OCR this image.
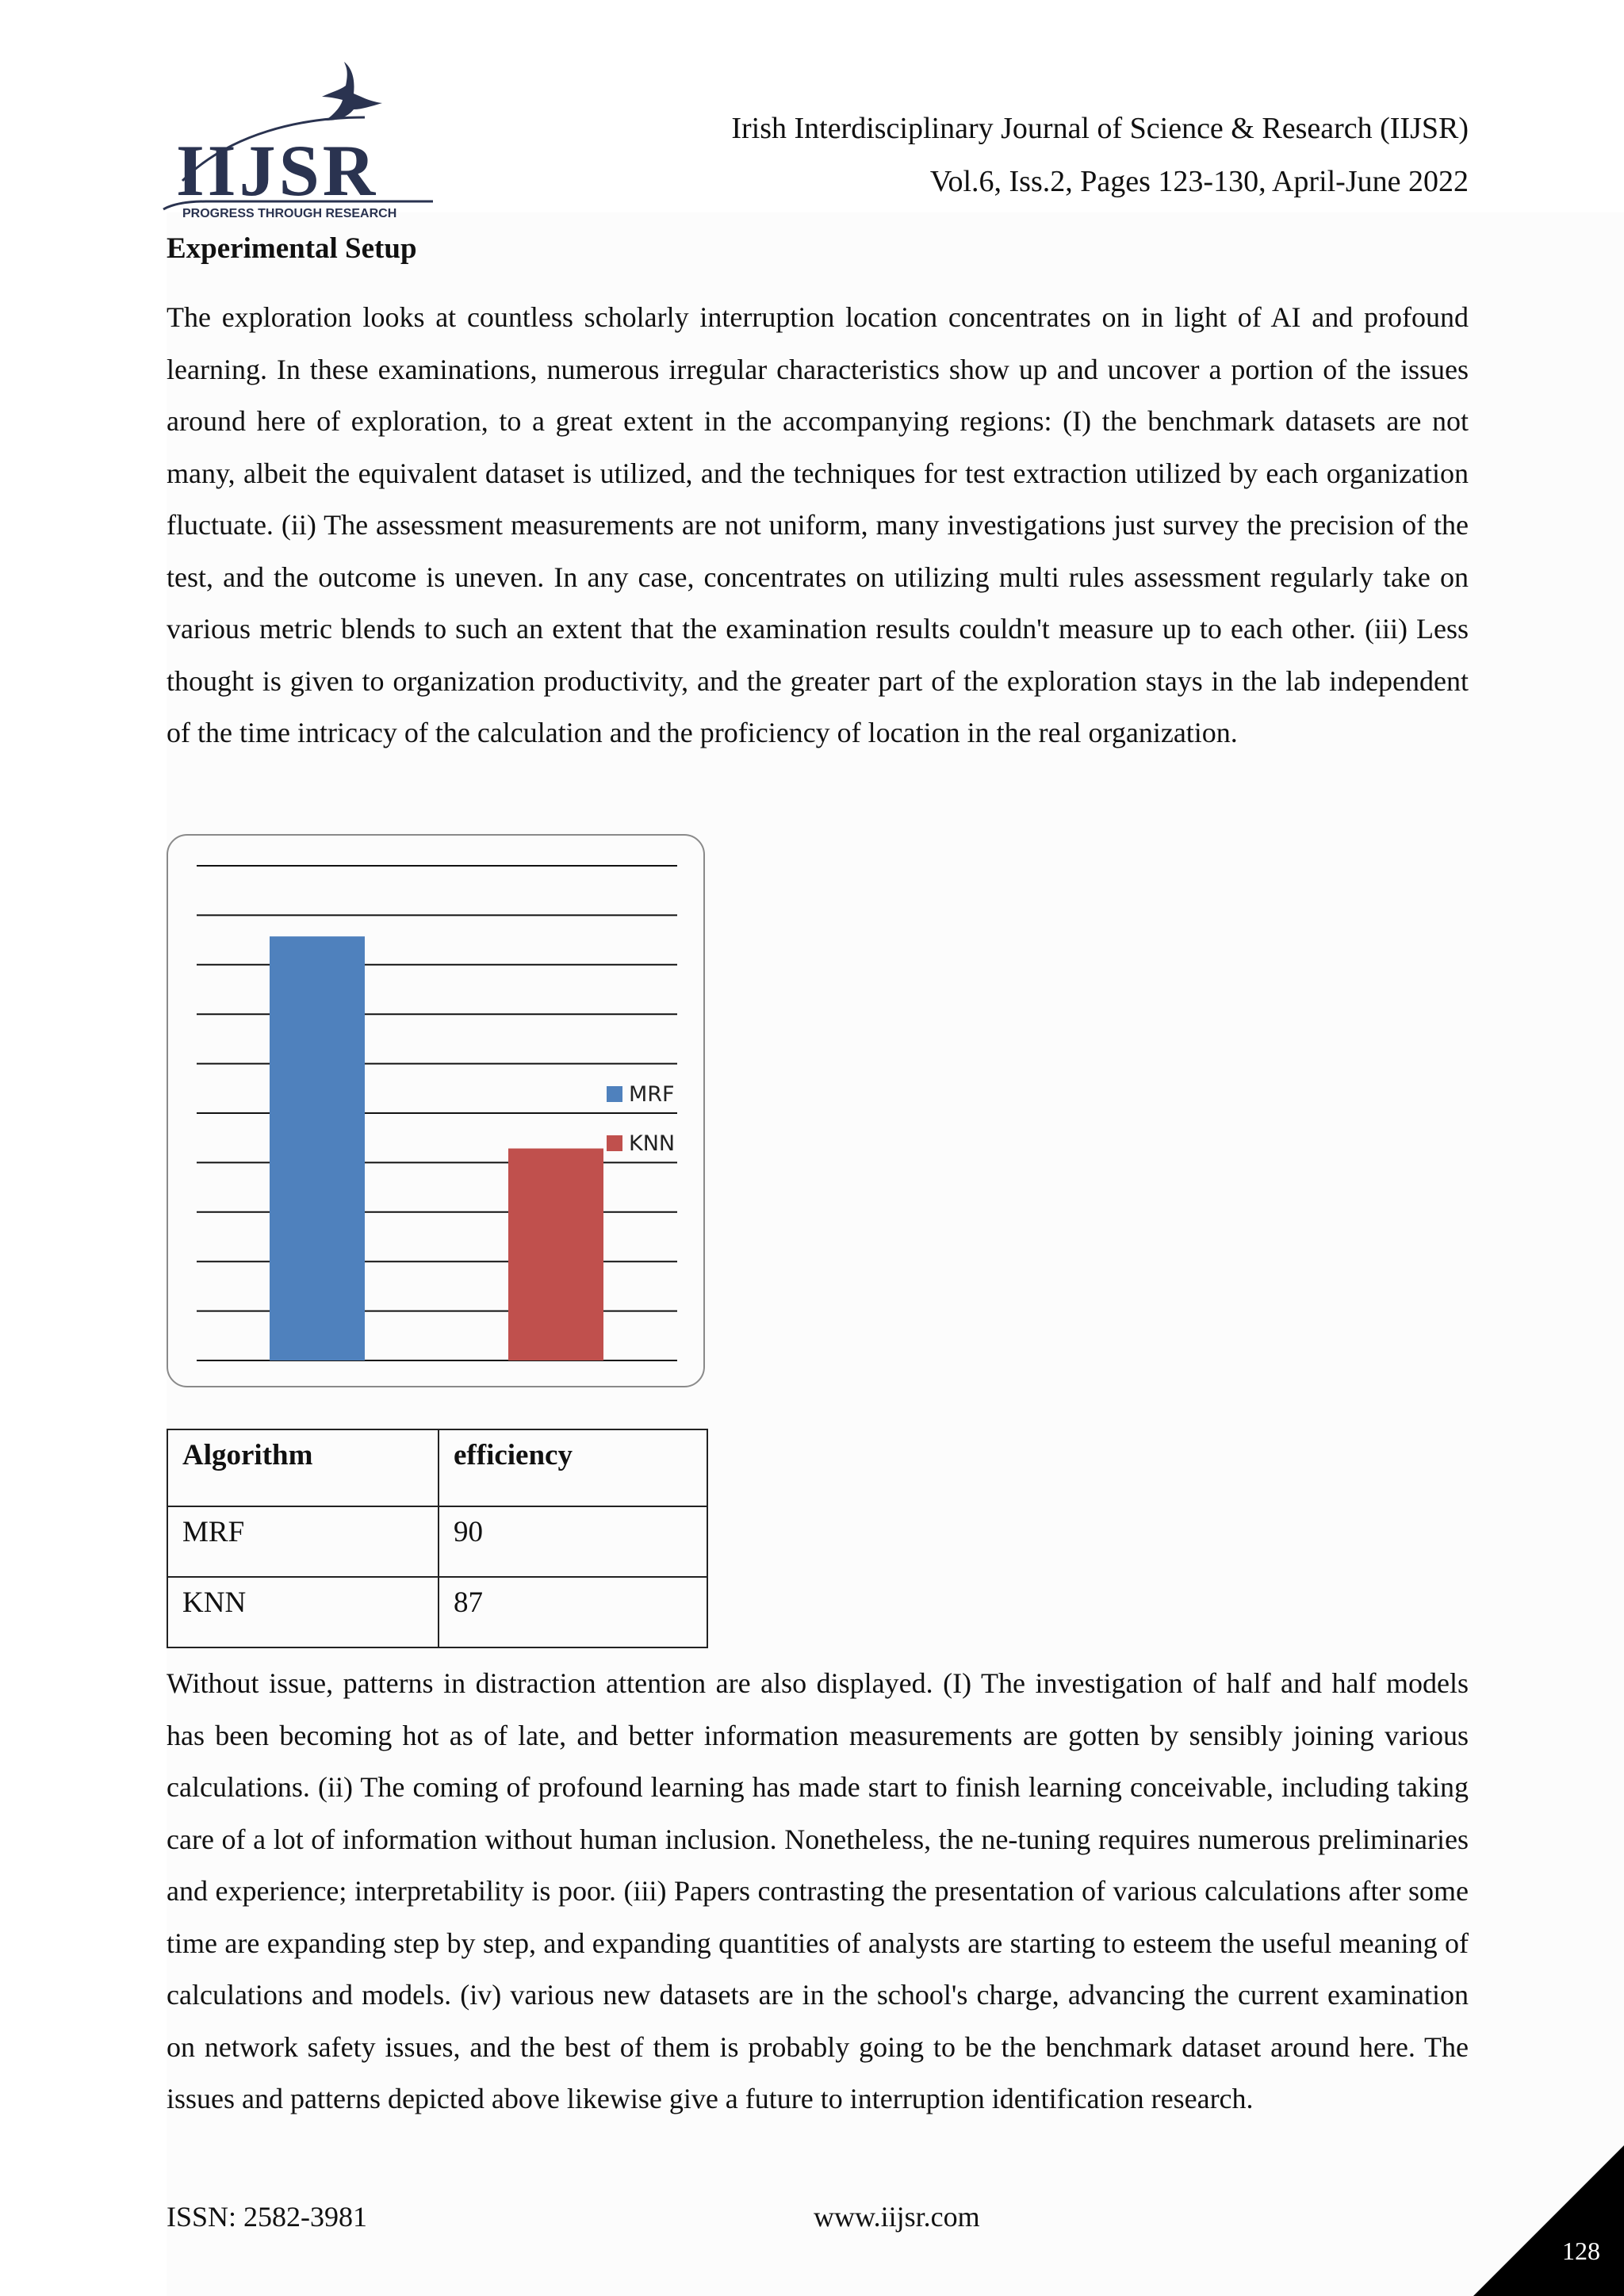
IIJSR
PROGRESS THROUGH RESEARCH
Irish Interdisciplinary Journal of Science & Research (IIJSR)
Vol.6, Iss.2, Pages 123-130, April-June 2022
Experimental Setup

The exploration looks at countless scholarly interruption location concentrates on in light of AI and profound learning. In these examinations, numerous irregular characteristics show up and uncover a portion of the issues around here of exploration, to a great extent in the accompanying regions: (I) the benchmark datasets are not many, albeit the equivalent dataset is utilized, and the techniques for test extraction utilized by each organization fluctuate. (ii) The assessment measurements are not uniform, many investigations just survey the precision of the test, and the outcome is uneven. In any case, concentrates on utilizing multi rules assessment regularly take on various metric blends to such an extent that the examination results couldn't measure up to each other. (iii) Less thought is given to organization productivity, and the greater part of the exploration stays in the lab independent of the time intricacy of the calculation and the proficiency of location in the real organization.

MRF
KNN
Algorithm	efficiency
MRF	90
KNN	87

Without issue, patterns in distraction attention are also displayed. (I) The investigation of half and half models has been becoming hot as of late, and better information measurements are gotten by sensibly joining various calculations. (ii) The coming of profound learning has made start to finish learning conceivable, including taking care of a lot of information without human inclusion. Nonetheless, the ne-tuning requires numerous preliminaries and experience; interpretability is poor. (iii) Papers contrasting the presentation of various calculations after some time are expanding step by step, and expanding quantities of analysts are starting to esteem the useful meaning of calculations and models. (iv) various new datasets are in the school's charge, advancing the current examination on network safety issues, and the best of them is probably going to be the benchmark dataset around here. The issues and patterns depicted above likewise give a future to interruption identification research.

ISSN: 2582-3981	www.iijsr.com
128
